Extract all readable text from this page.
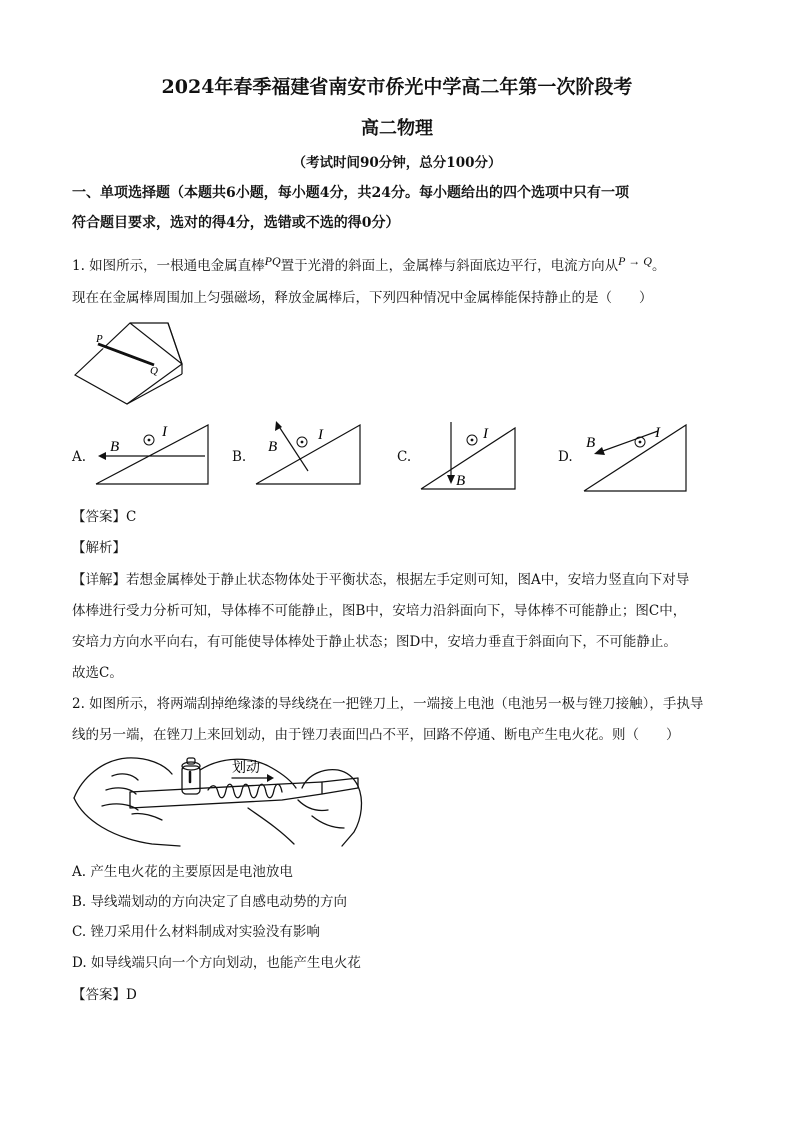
2024年春季福建省南安市侨光中学高二年第一次阶段考
高二物理
（考试时间90分钟，总分100分）
一、单项选择题（本题共6小题，每小题4分，共24分。每小题给出的四个选项中只有一项
符合题目要求，选对的得4分，选错或不选的得0分）
1. 如图所示，一根通电金属直棒PQ置于光滑的斜面上，金属棒与斜面底边平行，电流方向从P → Q。
现在在金属棒周围加上匀强磁场，释放金属棒后，下列四种情况中金属棒能保持静止的是（　　）
P
Q
A.
B
I
B.
B
I
C.
B
I
D.
B
I
【答案】C
【解析】
【详解】若想金属棒处于静止状态物体处于平衡状态，根据左手定则可知，图A中，安培力竖直向下对导
体棒进行受力分析可知，导体棒不可能静止，图B中，安培力沿斜面向下，导体棒不可能静止；图C中，
安培力方向水平向右，有可能使导体棒处于静止状态；图D中，安培力垂直于斜面向下，不可能静止。
故选C。
2. 如图所示，将两端刮掉绝缘漆的导线绕在一把锉刀上，一端接上电池（电池另一极与锉刀接触），手执导
线的另一端，在锉刀上来回划动，由于锉刀表面凹凸不平，回路不停通、断电产生电火花。则（　　）
划动
A. 产生电火花的主要原因是电池放电
B. 导线端划动的方向决定了自感电动势的方向
C. 锉刀采用什么材料制成对实验没有影响
D. 如导线端只向一个方向划动，也能产生电火花
【答案】D
